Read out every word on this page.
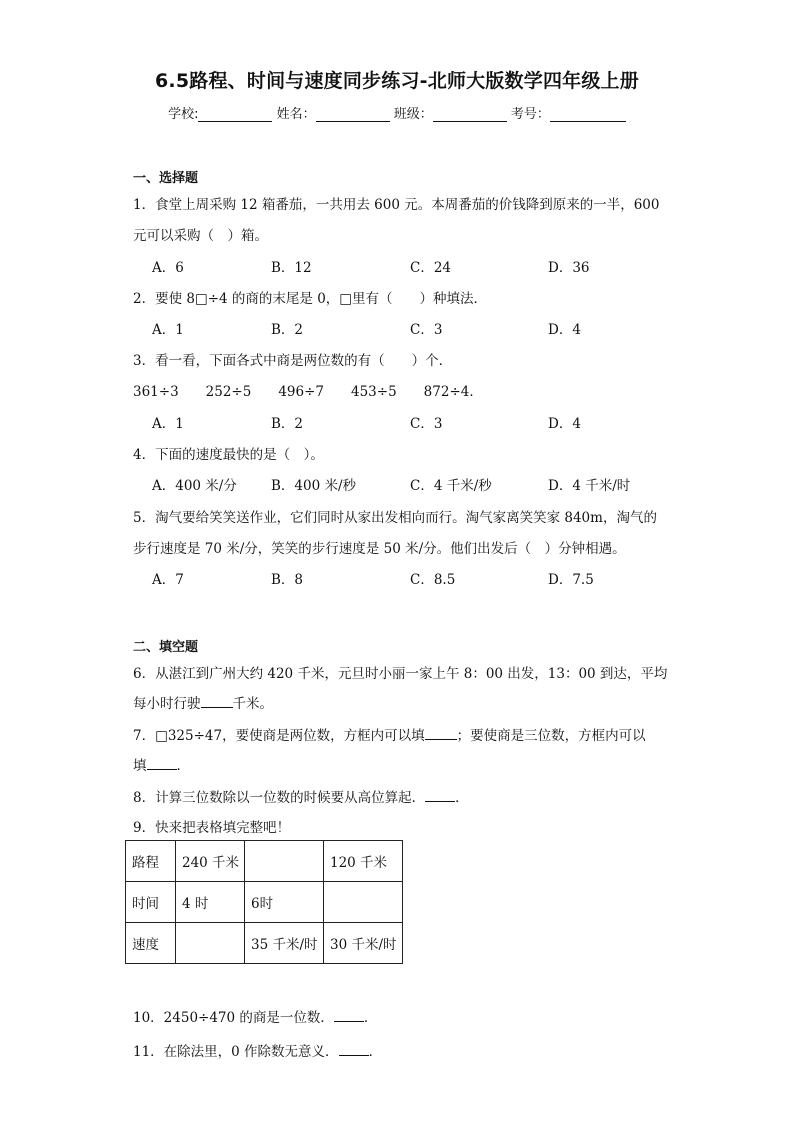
6.5路程、时间与速度同步练习-北师大版数学四年级上册
学校:	姓名：	班级：	考号：
一、选择题
1．食堂上周采购 12 箱番茄，一共用去 600 元。本周番茄的价钱降到原来的一半，600
元可以采购（　）箱。
A．6	B．12	C．24	D．36
2．要使 8□÷4 的商的末尾是 0，□里有（　　）种填法．
A．1	B．2	C．3	D．4
3．看一看，下面各式中商是两位数的有（　　）个．
361÷3　　252÷5　　496÷7　　453÷5　　872÷4．
A．1	B．2	C．3	D．4
4．下面的速度最快的是（　）。
A．400 米/分	B．400 米/秒	C．4 千米/秒	D．4 千米/时
5．淘气要给笑笑送作业，它们同时从家出发相向而行。淘气家离笑笑家 840m，淘气的
步行速度是 70 米/分，笑笑的步行速度是 50 米/分。他们出发后（　）分钟相遇。
A．7	B．8	C．8.5	D．7.5
二、填空题
6．从湛江到广州大约 420 千米，元旦时小丽一家上午 8：00 出发，13：00 到达，平均
每小时行驶 千米。
7．□325÷47，要使商是两位数，方框内可以填 ；要使商是三位数，方框内可以
填 ．
8．计算三位数除以一位数的时候要从高位算起． ．
9．快来把表格填完整吧！
路程	240 千米		120 千米
时间	4 时	6时	
速度		35 千米/时	30 千米/时
10．2450÷470 的商是一位数． ．
11．在除法里，0 作除数无意义． ．
